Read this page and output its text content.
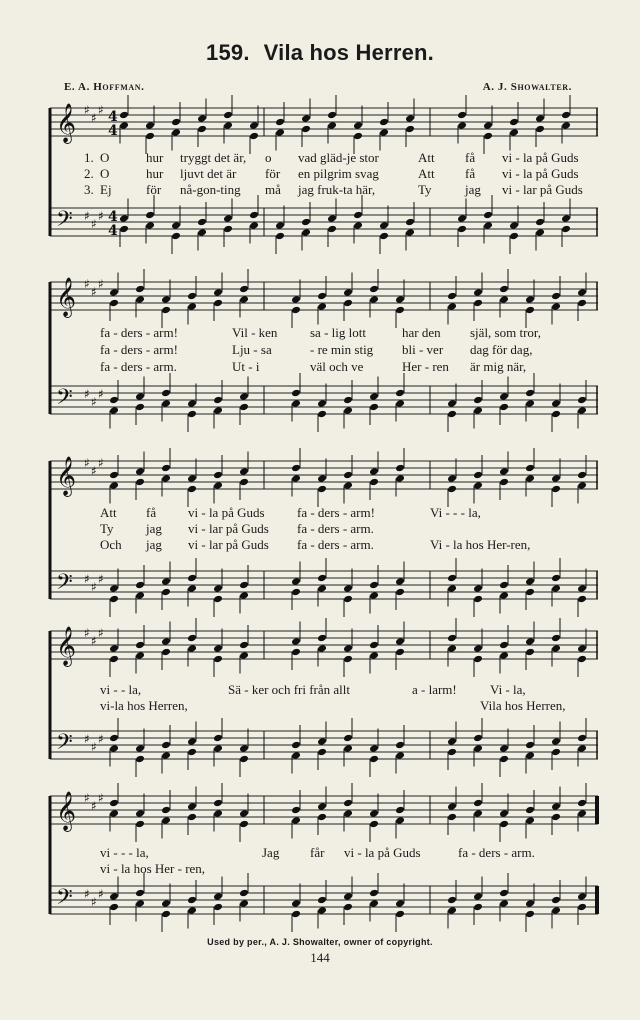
159. Vila hos Herren.
E. A. Hoffman.	A. J. Showalter.
𝄞 ♯
♯
♯ 4
4
𝄢 ♯
♯
♯ 4
4
1. O	hur tryggt det är, o vad gläd-je stor	Att få vi - la på Guds
2. O	hur ljuvt det är för en pilgrim svag	Att få vi - la på Guds
3. Ej	för nå-gon-ting må jag fruk-ta här,	Ty	jag vi - lar på Guds
𝄞 ♯
♯
♯
𝄢 ♯
♯
♯
fa - ders - arm!	Vil - ken	sa - lig lott	har den själ, som tror,
fa - ders - arm!	Lju - sa	- re min stig bli - ver dag för dag,
fa - ders - arm.	Ut - i	väl och ve	Her - ren är mig när,
𝄞 ♯
♯
♯
𝄢 ♯
♯
♯
Att få vi - la på Guds fa - ders - arm!	Vi - - - la,
Ty jag vi - lar på Guds fa - ders - arm.
Och jag vi - lar på Guds fa - ders - arm.	Vi - la hos Her-ren,
𝄞 ♯
♯
♯
𝄢 ♯
♯
♯
vi - - la,	Sä - ker och fri från allt	a - larm!	Vi - la,
vi-la hos Herren,	Vila hos Herren,
𝄞 ♯
♯
♯
𝄢 ♯
♯
♯
vi - - - la,	Jag får vi - la på Guds	fa - ders - arm.
vi - la hos Her - ren,
Used by per., A. J. Showalter, owner of copyright.
144
